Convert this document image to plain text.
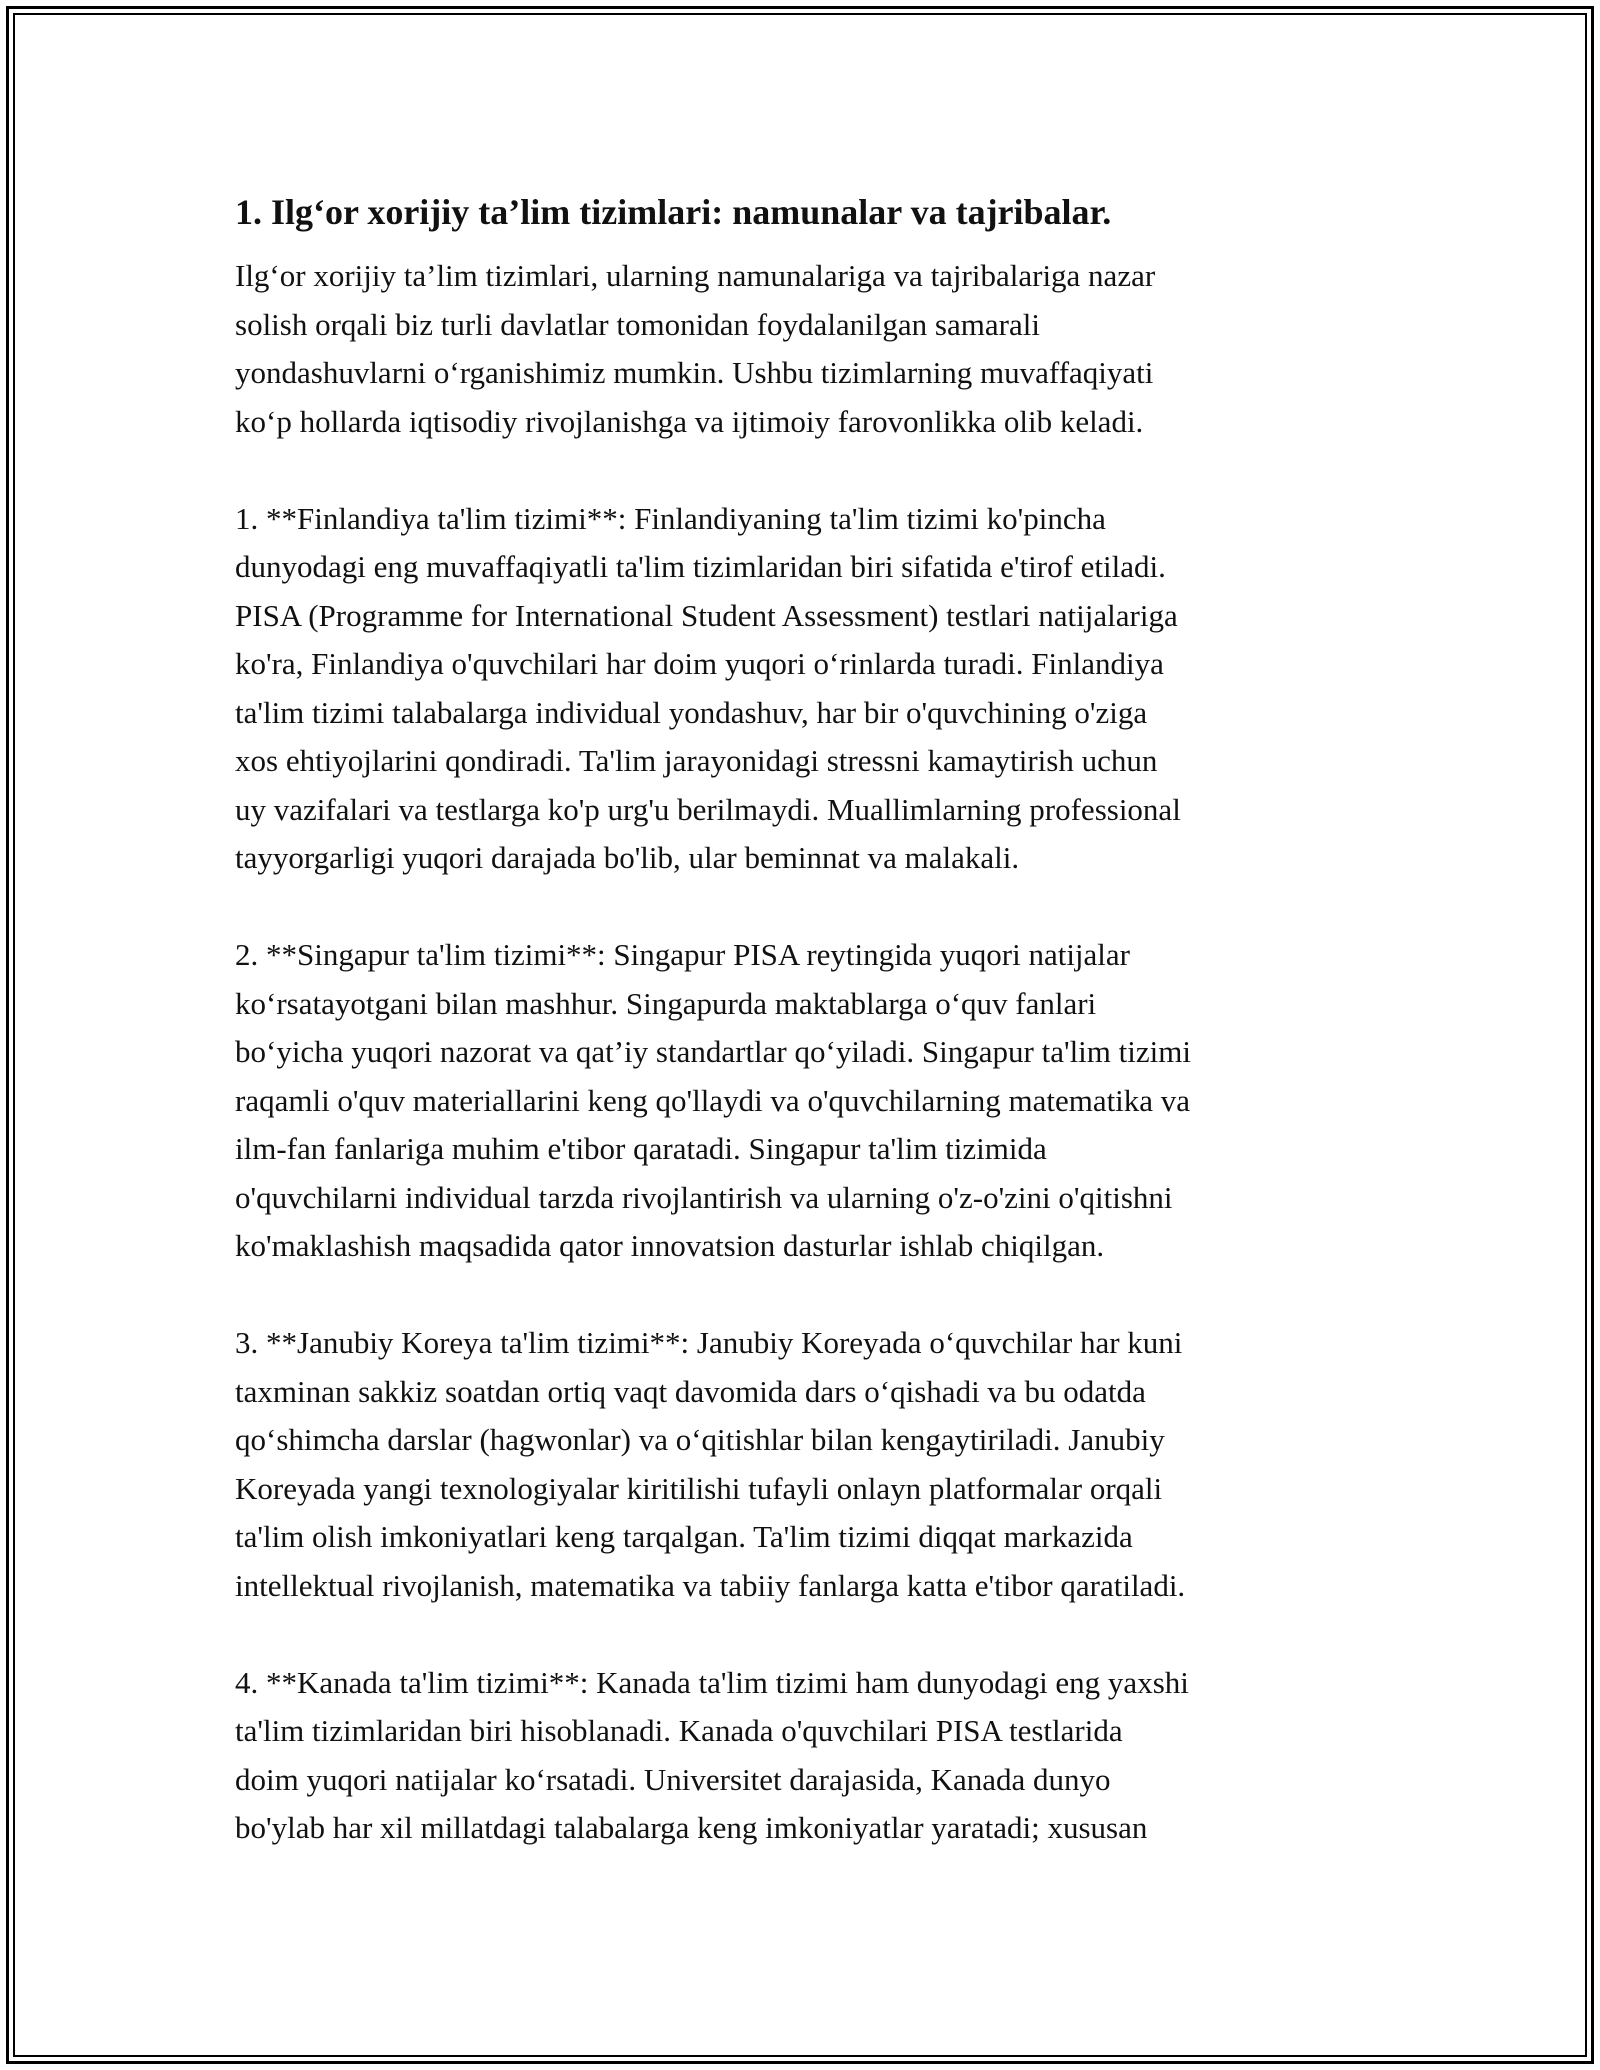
1. Ilg‘or xorijiy ta’lim tizimlari: namunalar va tajribalar.
Ilg‘or xorijiy ta’lim tizimlari, ularning namunalariga va tajribalariga nazar
solish orqali biz turli davlatlar tomonidan foydalanilgan samarali
yondashuvlarni o‘rganishimiz mumkin. Ushbu tizimlarning muvaffaqiyati
ko‘p hollarda iqtisodiy rivojlanishga va ijtimoiy farovonlikka olib keladi.
1. **Finlandiya ta'lim tizimi**: Finlandiyaning ta'lim tizimi ko'pincha
dunyodagi eng muvaffaqiyatli ta'lim tizimlaridan biri sifatida e'tirof etiladi.
PISA (Programme for International Student Assessment) testlari natijalariga
ko'ra, Finlandiya o'quvchilari har doim yuqori o‘rinlarda turadi. Finlandiya
ta'lim tizimi talabalarga individual yondashuv, har bir o'quvchining o'ziga
xos ehtiyojlarini qondiradi. Ta'lim jarayonidagi stressni kamaytirish uchun
uy vazifalari va testlarga ko'p urg'u berilmaydi. Muallimlarning professional
tayyorgarligi yuqori darajada bo'lib, ular beminnat va malakali.
2. **Singapur ta'lim tizimi**: Singapur PISA reytingida yuqori natijalar
ko‘rsatayotgani bilan mashhur. Singapurda maktablarga o‘quv fanlari
bo‘yicha yuqori nazorat va qat’iy standartlar qo‘yiladi. Singapur ta'lim tizimi
raqamli o'quv materiallarini keng qo'llaydi va o'quvchilarning matematika va
ilm-fan fanlariga muhim e'tibor qaratadi. Singapur ta'lim tizimida
o'quvchilarni individual tarzda rivojlantirish va ularning o'z-o'zini o'qitishni
ko'maklashish maqsadida qator innovatsion dasturlar ishlab chiqilgan.
3. **Janubiy Koreya ta'lim tizimi**: Janubiy Koreyada o‘quvchilar har kuni
taxminan sakkiz soatdan ortiq vaqt davomida dars o‘qishadi va bu odatda
qo‘shimcha darslar (hagwonlar) va o‘qitishlar bilan kengaytiriladi. Janubiy
Koreyada yangi texnologiyalar kiritilishi tufayli onlayn platformalar orqali
ta'lim olish imkoniyatlari keng tarqalgan. Ta'lim tizimi diqqat markazida
intellektual rivojlanish, matematika va tabiiy fanlarga katta e'tibor qaratiladi.
4. **Kanada ta'lim tizimi**: Kanada ta'lim tizimi ham dunyodagi eng yaxshi
ta'lim tizimlaridan biri hisoblanadi. Kanada o'quvchilari PISA testlarida
doim yuqori natijalar ko‘rsatadi. Universitet darajasida, Kanada dunyo
bo'ylab har xil millatdagi talabalarga keng imkoniyatlar yaratadi; xususan
